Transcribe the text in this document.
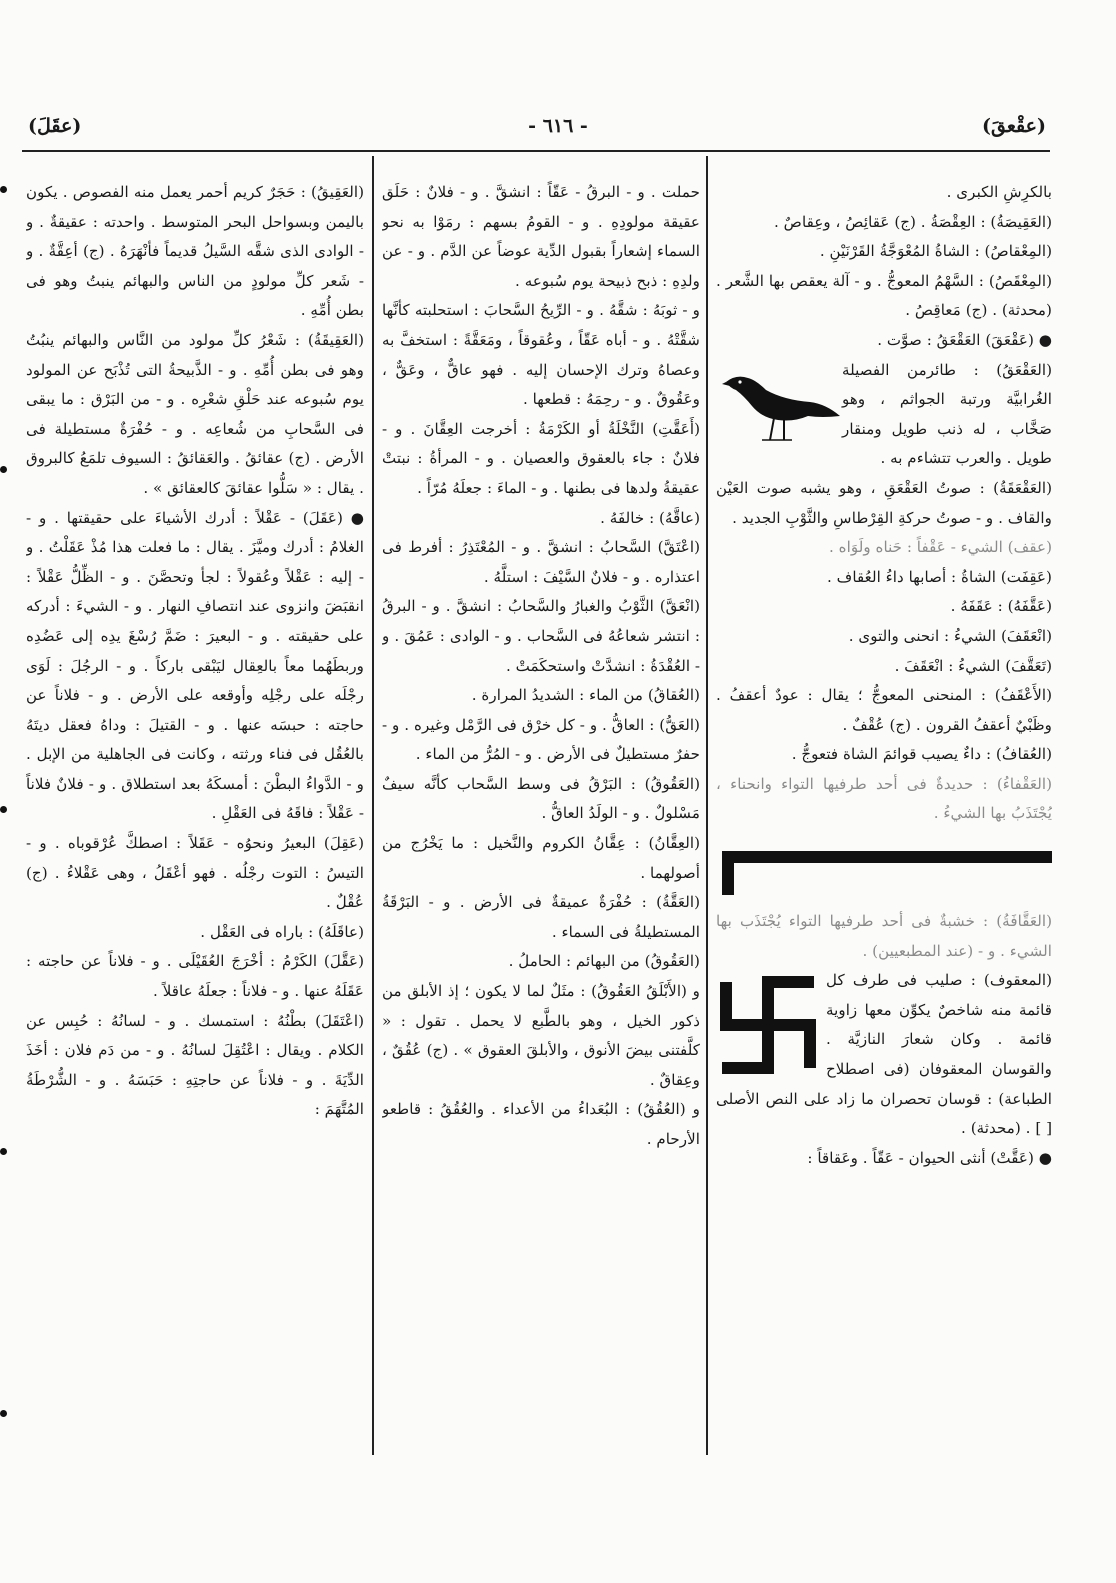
(عقْعقَ)
- ٦١٦ -
(عقَلَ)

بالكرِشِ الكبرى .

(العَقِيصَةُ) : العِقْصَةُ . (ج) عَقائِصُ ، وعِقاصٌ .

(المِعْقاصُ) : الشاةُ المُعْوَجَّةُ القَرْنَيْنِ .

(المِعْقَصُ) : السَّهْمُ المعوجُّ . و - آلة يعقص بها الشَّعر . (محدثة) . (ج) مَعاقِصُ .

● (عَقْعَقَ) العَقْعَقُ : صوَّت .

(العَقْعَقُ) : طائرمن الفصيلة الغُرابيَّة ورتبة الجواثم ، وهو صَخَّاب ، له ذنب طويل ومنقار طويل . والعرب تتشاءم به .

(العَقْعَقَةُ) : صوتُ العَقْعَقِ ، وهو يشبه صوت العَيْن والقاف . و - صوتُ حركةِ القِرْطاسِ والثَّوْبِ الجديد .

(عقف) الشيء - عَقْفاً : حَناه ولَوَاه .

(عَقِفَت) الشاةُ : أصابها داءُ العُقاف .

(عَقَّفَهُ) : عَقَفَهُ .

(انْعَقَفَ) الشيءُ : انحنى والتوى .

(تَعَقَّفَ) الشيءُ : انْعَقَفَ .

(الأَعْقَفُ) : المنحنى المعوجُّ ؛ يقال : عودٌ أعقفُ . وظَبْيٌ أعقفُ القرون . (ج) عُقْفٌ .

(العُقافُ) : داءٌ يصيب قوائمَ الشاة فتعوجُّ .

(العَقْفاءُ) : حديدةٌ فى أحد طرفيها التواء وانحناء ، يُجْتَذَبُ بها الشيءُ .

(العَقَّافَةُ) : خشبةٌ فى أحد طرفيها التواء يُجْتَذَب بها الشيء . و - (عند المطبعيين) .

(المعقوف) : صليب فى طرف كل قائمة منه شاخصٌ يكوِّن معها زاوية قائمة . وكان شعارَ النازيَّة . والقوسان المعقوفان (فى اصطلاح الطباعة) : قوسان تحصران ما زاد على النص الأصلى [ ] . (محدثة) .

● (عَقَّتْ) أنثى الحيوان - عَقّاً . وعَقاقاً :

حملت . و - البرقُ - عَقّاً : انشقَّ . و - فلانٌ : حَلَق عقيقة مولودِهِ . و - القومُ بسهم : رمَوْا به نحو السماء إشعاراً بقبول الدِّية عوضاً عن الدَّم . و - عن ولدِهِ : ذبح ذبيحة يوم سُبوعه .

و - ثوبَهُ : شقَّهُ . و - الرِّيحُ السَّحابَ : استحلبته كأنَّها شقَّتْهُ . و - أباه عَقّاً ، وعُقوقاً ، ومَعَقَّةً : استخفَّ به وعصاهُ وترك الإحسان إليه . فهو عاقٌّ ، وعَقٌّ ، وعَقُوقٌ . و - رحِمَهُ : قطعها .

(أَعَقَّتِ) النَّخْلَةُ أو الكَرْمَةُ : أخرجت العِقَّانَ . و - فلانٌ : جاء بالعقوق والعصيان . و - المرأةُ : نبتتْ عقيقةُ ولدها فى بطنها . و - الماءَ : جعلَهُ مُرّاً .

(عاقَّهُ) : خالفَهُ .

(اعْتَقَّ) السَّحابُ : انشقَّ . و - المُعْتَذِرُ : أفرط فى اعتذاره . و - فلانٌ السَّيْفَ : استلَّهُ .

(انْعَقَّ) الثَّوْبُ والغبارُ والسَّحابُ : انشقَّ . و - البرقُ : انتشر شعاعُهُ فى السَّحاب . و - الوادى : عَمُقَ . و - العُقْدَةُ : انشدَّتْ واستحكَمَتْ .

(العُقاقُ) من الماء : الشديدُ المرارة .

(العَقُّ) : العاقُّ . و - كل خرْق فى الرَّمْل وغيره . و - حفرٌ مستطيلٌ فى الأرض . و - المُرُّ من الماء .

(العَقُوقُ) : البَرْقُ فى وسط السَّحاب كأنَّه سيفٌ مَسْلولٌ . و - الولَدُ العاقُّ .

(العِقَّانُ) : عِقَّانُ الكروم والنَّخيل : ما يَخْرُج من أصولهما .

(العَقَّةُ) : حُفْرَةٌ عميقةٌ فى الأرض . و - البَرْقَةُ المستطيلةُ فى السماء .

(العَقُوقُ) من البهائم : الحاملُ .

و (الأَبْلَقُ العَقُوقُ) : مثَلٌ لما لا يكون ؛ إذ الأبلق من ذكور الخيل ، وهو بالطَّبع لا يحمل . تقول : « كلَّفتنى بيضَ الأنوق ، والأبلقَ العقوق » . (ج) عُقُقٌ ، وعِقاقٌ .

و (العُقُقُ) : البُعَداءُ من الأعداء . والعُقُقُ : قاطعو الأرحام .

(العَقِيقُ) : حَجَرٌ كريم أحمر يعمل منه الفصوص . يكون باليمن وبسواحل البحر المتوسط . واحدته : عقيقةٌ . و - الوادى الذى شقَّه السَّيلُ قديماً فأنْهَرَهُ . (ج) أعِقَّةٌ . و - شَعر كلِّ مولودٍ من الناس والبهائم ينبتُ وهو فى بطن أُمِّهِ .

(العَقِيقَةُ) : شَعْرُ كلِّ مولود من النَّاس والبهائم ينبُتُ وهو فى بطن أُمِّهِ . و - الذَّبيحةُ التى تُذْبَح عن المولود يوم سُبوعه عند حَلْقِ شعْرِه . و - من البَرْق : ما يبقى فى السَّحابِ من شُعاعِه . و - حُفْرَةٌ مستطيلة فى الأرض . (ج) عقائقُ . والعَقائقُ : السيوف تلمَعُ كالبروق . يقال : « سَلُّوا عقائقَ كالعقائق » .

● (عَقَلَ) - عَقْلاً : أدرك الأشياءَ على حقيقتها . و - الغلامُ : أدرك وميَّزَ . يقال : ما فعلت هذا مُذْ عَقَلْتُ . و - إليه : عَقْلاً وعُقولاً : لجأ وتحصَّنَ . و - الظِّلُّ عَقْلاً : انقبَضَ وانزوى عند انتصافِ النهار . و - الشيءَ : أدركه على حقيقته . و - البعيرَ : ضَمَّ رُسْغَ يدِه إلى عَضُدِه وربطَهُما معاً بالعِقال ليَبْقى باركاً . و - الرجُلَ : لَوَى رجْلَه على رجْلِه وأوقعه على الأرض . و - فلاناً عن حاجته : حبسَه عنها . و - القتيلَ : وداهُ فعقل ديتَهُ بالعُقُل فى فناء ورثته ، وكانت فى الجاهلية من الإبل . و - الدَّواءُ البطْنَ : أمسكَهُ بعد استطلاق . و - فلانٌ فلاناً - عَقْلاً : فاقَهُ فى العَقْلِ .

(عَقِلَ) البعيرُ ونحوُه - عَقَلاً : اصطكَّ عُرْقوباه . و - التيسُ : التوت رجْلُه . فهو أعْقَلُ ، وهى عَقْلاءُ . (ج) عُقْلٌ .

(عاقَلَهُ) : باراه فى العَقْل .

(عَقَّلَ) الكَرْمُ : أخْرَجَ العُقَيْلَى . و - فلاناً عن حاجته : عَقَلَهُ عنها . و - فلاناً : جعلَهُ عاقلاً .

(اعْتَقَلَ) بطْنُهُ : استمسك . و - لسانُهُ : حُبِس عن الكلام . ويقال : اعْتُقِلَ لسانُهُ . و - من دَم فلان : أخَذَ الدِّيَةَ . و - فلاناً عن حاجتِهِ : حَبَسَهُ . و - الشُّرْطَةُ المُتَّهَمَ :
